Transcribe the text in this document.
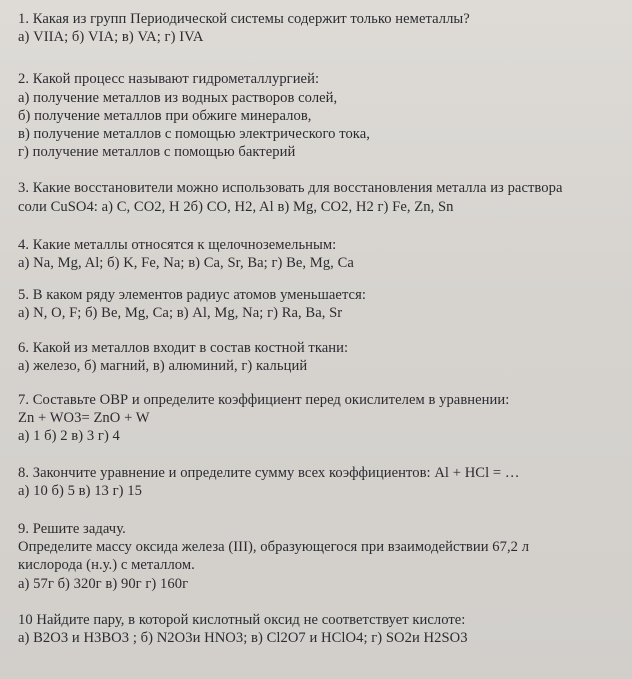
1. Какая из групп Периодической системы содержит только неметаллы?
а) VIIA; б) VIA; в) VA; г) IVA
2. Какой процесс называют гидрометаллургией:
а) получение металлов из водных растворов солей,
б) получение металлов при обжиге минералов,
в) получение металлов с помощью электрического тока,
г) получение металлов с помощью бактерий
3. Какие восстановители можно использовать для восстановления металла из раствора
соли CuSO4: а) C, CO2, H 2б) CO, H2, Al в) Mg, CO2, H2 г) Fe, Zn, Sn
4. Какие металлы относятся к щелочноземельным:
а) Na, Mg, Al; б) K, Fe, Na; в) Ca, Sr, Ba; г) Be, Mg, Ca
5. В каком ряду элементов радиус атомов уменьшается:
а) N, O, F; б) Be, Mg, Ca; в) Al, Mg, Na; г) Ra, Ba, Sr
6. Какой из металлов входит в состав костной ткани:
а) железо, б) магний, в) алюминий, г) кальций
7. Составьте ОВР и определите коэффициент перед окислителем в уравнении:
Zn + WO3= ZnO + W
а) 1 б) 2 в) 3 г) 4
8. Закончите уравнение и определите сумму всех коэффициентов: Al + HCl = …
а) 10 б) 5 в) 13 г) 15
9. Решите задачу.
Определите массу оксида железа (III), образующегося при взаимодействии 67,2 л
кислорода (н.у.) с металлом.
а) 57г б) 320г в) 90г г) 160г
10 Найдите пару, в которой кислотный оксид не соответствует кислоте:
а) B2O3 и H3BO3 ; б) N2O3и HNO3; в) Cl2O7 и HClO4; г) SO2и H2SO3
